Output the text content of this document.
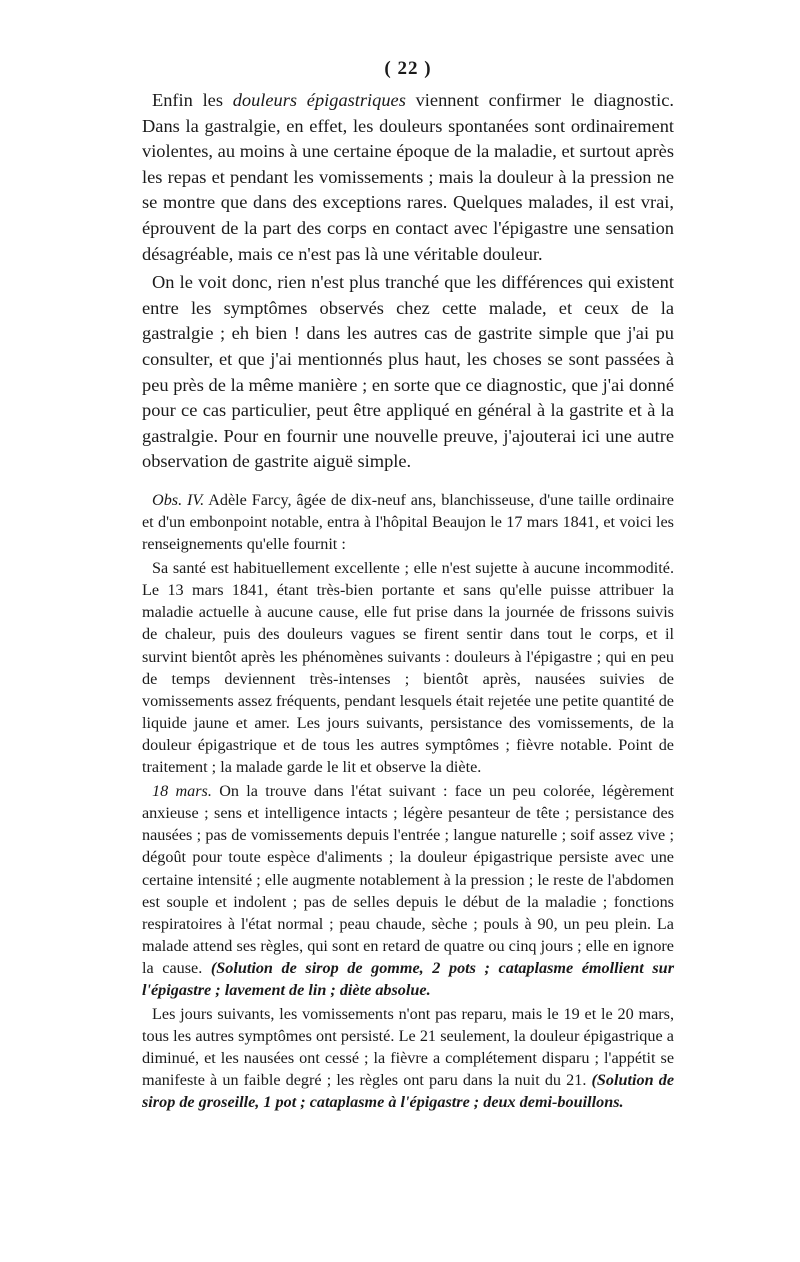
( 22 )

Enfin les douleurs épigastriques viennent confirmer le diagnostic. Dans la gastralgie, en effet, les douleurs spontanées sont ordinairement violentes, au moins à une certaine époque de la maladie, et surtout après les repas et pendant les vomissements ; mais la douleur à la pression ne se montre que dans des exceptions rares. Quelques malades, il est vrai, éprouvent de la part des corps en contact avec l'épigastre une sensation désagréable, mais ce n'est pas là une véritable douleur.

On le voit donc, rien n'est plus tranché que les différences qui existent entre les symptômes observés chez cette malade, et ceux de la gastralgie ; eh bien ! dans les autres cas de gastrite simple que j'ai pu consulter, et que j'ai mentionnés plus haut, les choses se sont passées à peu près de la même manière ; en sorte que ce diagnostic, que j'ai donné pour ce cas particulier, peut être appliqué en général à la gastrite et à la gastralgie. Pour en fournir une nouvelle preuve, j'ajouterai ici une autre observation de gastrite aiguë simple.

Obs. IV. Adèle Farcy, âgée de dix-neuf ans, blanchisseuse, d'une taille ordinaire et d'un embonpoint notable, entra à l'hôpital Beaujon le 17 mars 1841, et voici les renseignements qu'elle fournit :

Sa santé est habituellement excellente ; elle n'est sujette à aucune incommodité. Le 13 mars 1841, étant très-bien portante et sans qu'elle puisse attribuer la maladie actuelle à aucune cause, elle fut prise dans la journée de frissons suivis de chaleur, puis des douleurs vagues se firent sentir dans tout le corps, et il survint bientôt après les phénomènes suivants : douleurs à l'épigastre ; qui en peu de temps deviennent très-intenses ; bientôt après, nausées suivies de vomissements assez fréquents, pendant lesquels était rejetée une petite quantité de liquide jaune et amer. Les jours suivants, persistance des vomissements, de la douleur épigastrique et de tous les autres symptômes ; fièvre notable. Point de traitement ; la malade garde le lit et observe la diète.

18 mars. On la trouve dans l'état suivant : face un peu colorée, légèrement anxieuse ; sens et intelligence intacts ; légère pesanteur de tête ; persistance des nausées ; pas de vomissements depuis l'entrée ; langue naturelle ; soif assez vive ; dégoût pour toute espèce d'aliments ; la douleur épigastrique persiste avec une certaine intensité ; elle augmente notablement à la pression ; le reste de l'abdomen est souple et indolent ; pas de selles depuis le début de la maladie ; fonctions respiratoires à l'état normal ; peau chaude, sèche ; pouls à 90, un peu plein. La malade attend ses règles, qui sont en retard de quatre ou cinq jours ; elle en ignore la cause. (Solution de sirop de gomme, 2 pots ; cataplasme émollient sur l'épigastre ; lavement de lin ; diète absolue.

Les jours suivants, les vomissements n'ont pas reparu, mais le 19 et le 20 mars, tous les autres symptômes ont persisté. Le 21 seulement, la douleur épigastrique a diminué, et les nausées ont cessé ; la fièvre a complétement disparu ; l'appétit se manifeste à un faible degré ; les règles ont paru dans la nuit du 21. (Solution de sirop de groseille, 1 pot ; cataplasme à l'épigastre ; deux demi-bouillons.
